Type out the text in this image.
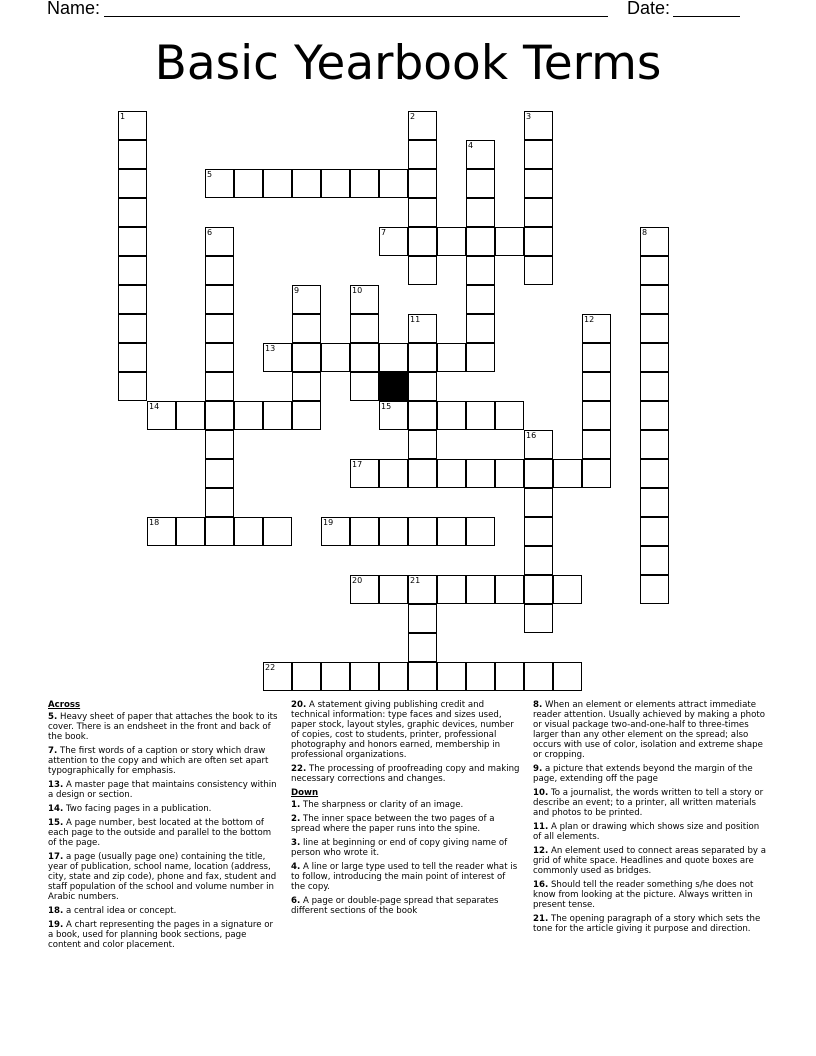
Name:	Date:
Basic Yearbook Terms
1	2	3
4
5
6	7	8
9	10
11	12
13
14	15
16
17
18	19
20	21
22
Across

5. Heavy sheet of paper that attaches the book to its cover. There is an endsheet in the front and back of the book.

7. The first words of a caption or story which draw attention to the copy and which are often set apart typographically for emphasis.

13. A master page that maintains consistency within a design or section.

14. Two facing pages in a publication.

15. A page number, best located at the bottom of each page to the outside and parallel to the bottom of the page.

17. a page (usually page one) containing the title, year of publication, school name, location (address, city, state and zip code), phone and fax, student and staff population of the school and volume number in Arabic numbers.

18. a central idea or concept.

19. A chart representing the pages in a signature or a book, used for planning book sections, page content and color placement.

20. A statement giving publishing credit and technical information: type faces and sizes used, paper stock, layout styles, graphic devices, number of copies, cost to students, printer, professional photography and honors earned, membership in professional organizations.

22. The processing of proofreading copy and making necessary corrections and changes.

Down

1. The sharpness or clarity of an image.

2. The inner space between the two pages of a spread where the paper runs into the spine.

3. line at beginning or end of copy giving name of person who wrote it.

4. A line or large type used to tell the reader what is to follow, introducing the main point of interest of the copy.

6. A page or double-page spread that separates different sections of the book

8. When an element or elements attract immediate reader attention. Usually achieved by making a photo or visual package two-and-one-half to three-times larger than any other element on the spread; also occurs with use of color, isolation and extreme shape or cropping.

9. a picture that extends beyond the margin of the page, extending off the page

10. To a journalist, the words written to tell a story or describe an event; to a printer, all written materials and photos to be printed.

11. A plan or drawing which shows size and position of all elements.

12. An element used to connect areas separated by a grid of white space. Headlines and quote boxes are commonly used as bridges.

16. Should tell the reader something s/he does not know from looking at the picture. Always written in present tense.

21. The opening paragraph of a story which sets the tone for the article giving it purpose and direction.
